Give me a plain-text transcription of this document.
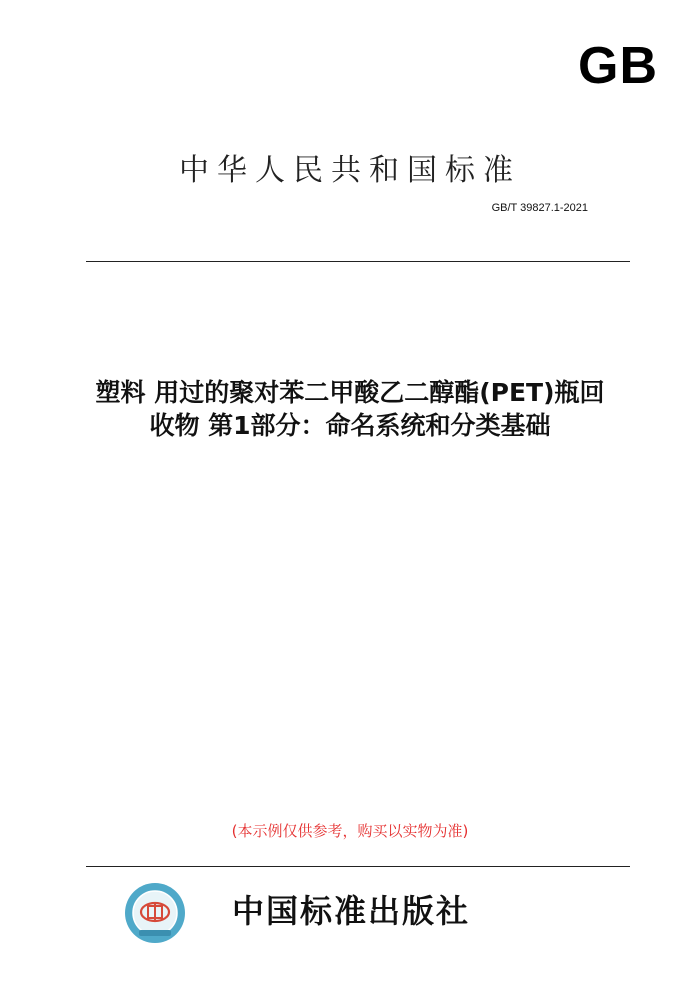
GB
中华人民共和国标准
GB/T 39827.1-2021
塑料 用过的聚对苯二甲酸乙二醇酯(PET)瓶回
收物 第1部分：命名系统和分类基础
(本示例仅供参考，购买以实物为准)
中国标准出版社
